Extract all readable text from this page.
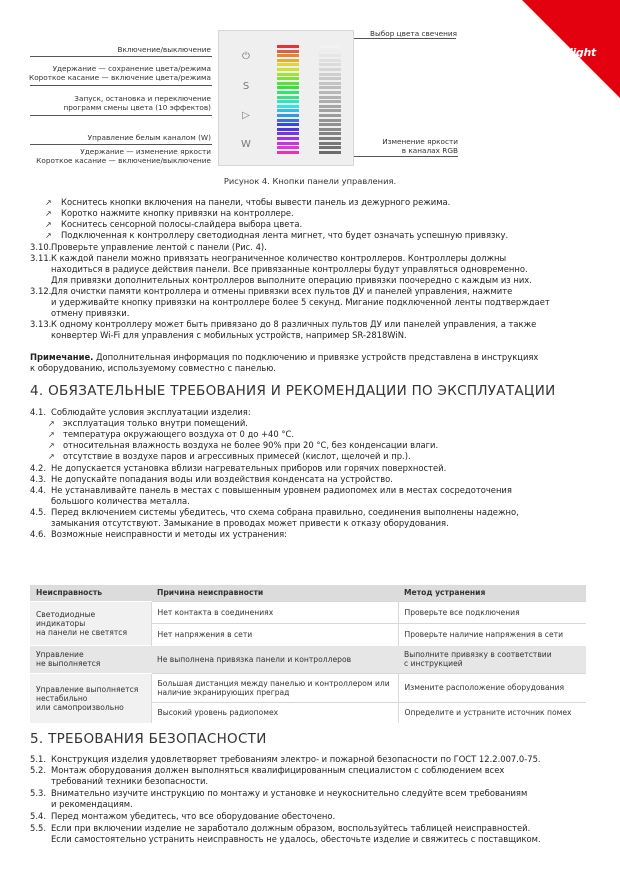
arlight
Включение/выключение
Удержание — сохранение цвета/режима
Короткое касание — включение цвета/режима
Запуск, остановка и переключение
программ смены цвета (10 эффектов)
Управление белым каналом (W)
Удержание — изменение яркости
Короткое касание — включение/выключение
Выбор цвета свечения
Изменение яркости
в каналах RGB
⏻
S
▷
W
Рисунок 4. Кнопки панели управления.
↗ Коснитесь кнопки включения на панели, чтобы вывести панель из дежурного режима.
↗ Коротко нажмите кнопку привязки на контроллере.
↗ Коснитесь сенсорной полосы-слайдера выбора цвета.
↗ Подключенная к контроллеру светодиодная лента мигнет, что будет означать успешную привязку.
3.10. Проверьте управление лентой с панели (Рис. 4).
3.11. К каждой панели можно привязать неограниченное количество контроллеров. Контроллеры должны
находиться в радиусе действия панели. Все привязанные контроллеры будут управляться одновременно.
Для привязки дополнительных контроллеров выполните операцию привязки поочередно с каждым из них.
3.12. Для очистки памяти контроллера и отмены привязки всех пультов ДУ и панелей управления, нажмите
и удерживайте кнопку привязки на контроллере более 5 секунд. Мигание подключенной ленты подтверждает
отмену привязки.
3.13. К одному контроллеру может быть привязано до 8 различных пультов ДУ или панелей управления, а также
конвертер Wi-Fi для управления с мобильных устройств, например SR-2818WiN.
Примечание. Дополнительная информация по подключению и привязке устройств представлена в инструкциях
к оборудованию, используемому совместно с панелью.
4. ОБЯЗАТЕЛЬНЫЕ ТРЕБОВАНИЯ И РЕКОМЕНДАЦИИ ПО ЭКСПЛУАТАЦИИ
4.1. Соблюдайте условия эксплуатации изделия:
↗ эксплуатация только внутри помещений.
↗ температура окружающего воздуха от 0 до +40 °C.
↗ относительная влажность воздуха не более 90% при 20 °C, без конденсации влаги.
↗ отсутствие в воздухе паров и агрессивных примесей (кислот, щелочей и пр.).
4.2. Не допускается установка вблизи нагревательных приборов или горячих поверхностей.
4.3. Не допускайте попадания воды или воздействия конденсата на устройство.
4.4. Не устанавливайте панель в местах с повышенным уровнем радиопомех или в местах сосредоточения
большого количества металла.
4.5. Перед включением системы убедитесь, что схема собрана правильно, соединения выполнены надежно,
замыкания отсутствуют. Замыкание в проводах может привести к отказу оборудования.
4.6. Возможные неисправности и методы их устранения:
Неисправность	Причина неисправности	Метод устранения
Светодиодные индикаторы
на панели не светятся	Нет контакта в соединениях	Проверьте все подключения
	Нет напряжения в сети	Проверьте наличие напряжения в сети
Управление
не выполняется	Не выполнена привязка панели и контроллеров	Выполните привязку в соответствии
с инструкцией
Управление выполняется
нестабильно
или самопроизвольно	Большая дистанция между панелью и контроллером или
наличие экранирующих преград	Измените расположение оборудования
	Высокий уровень радиопомех	Определите и устраните источник помех
5. ТРЕБОВАНИЯ БЕЗОПАСНОСТИ
5.1. Конструкция изделия удовлетворяет требованиям электро- и пожарной безопасности по ГОСТ 12.2.007.0-75.
5.2. Монтаж оборудования должен выполняться квалифицированным специалистом с соблюдением всех
требований техники безопасности.
5.3. Внимательно изучите инструкцию по монтажу и установке и неукоснительно следуйте всем требованиям
и рекомендациям.
5.4. Перед монтажом убедитесь, что все оборудование обесточено.
5.5. Если при включении изделие не заработало должным образом, воспользуйтесь таблицей неисправностей.
Если самостоятельно устранить неисправность не удалось, обесточьте изделие и свяжитесь с поставщиком.
